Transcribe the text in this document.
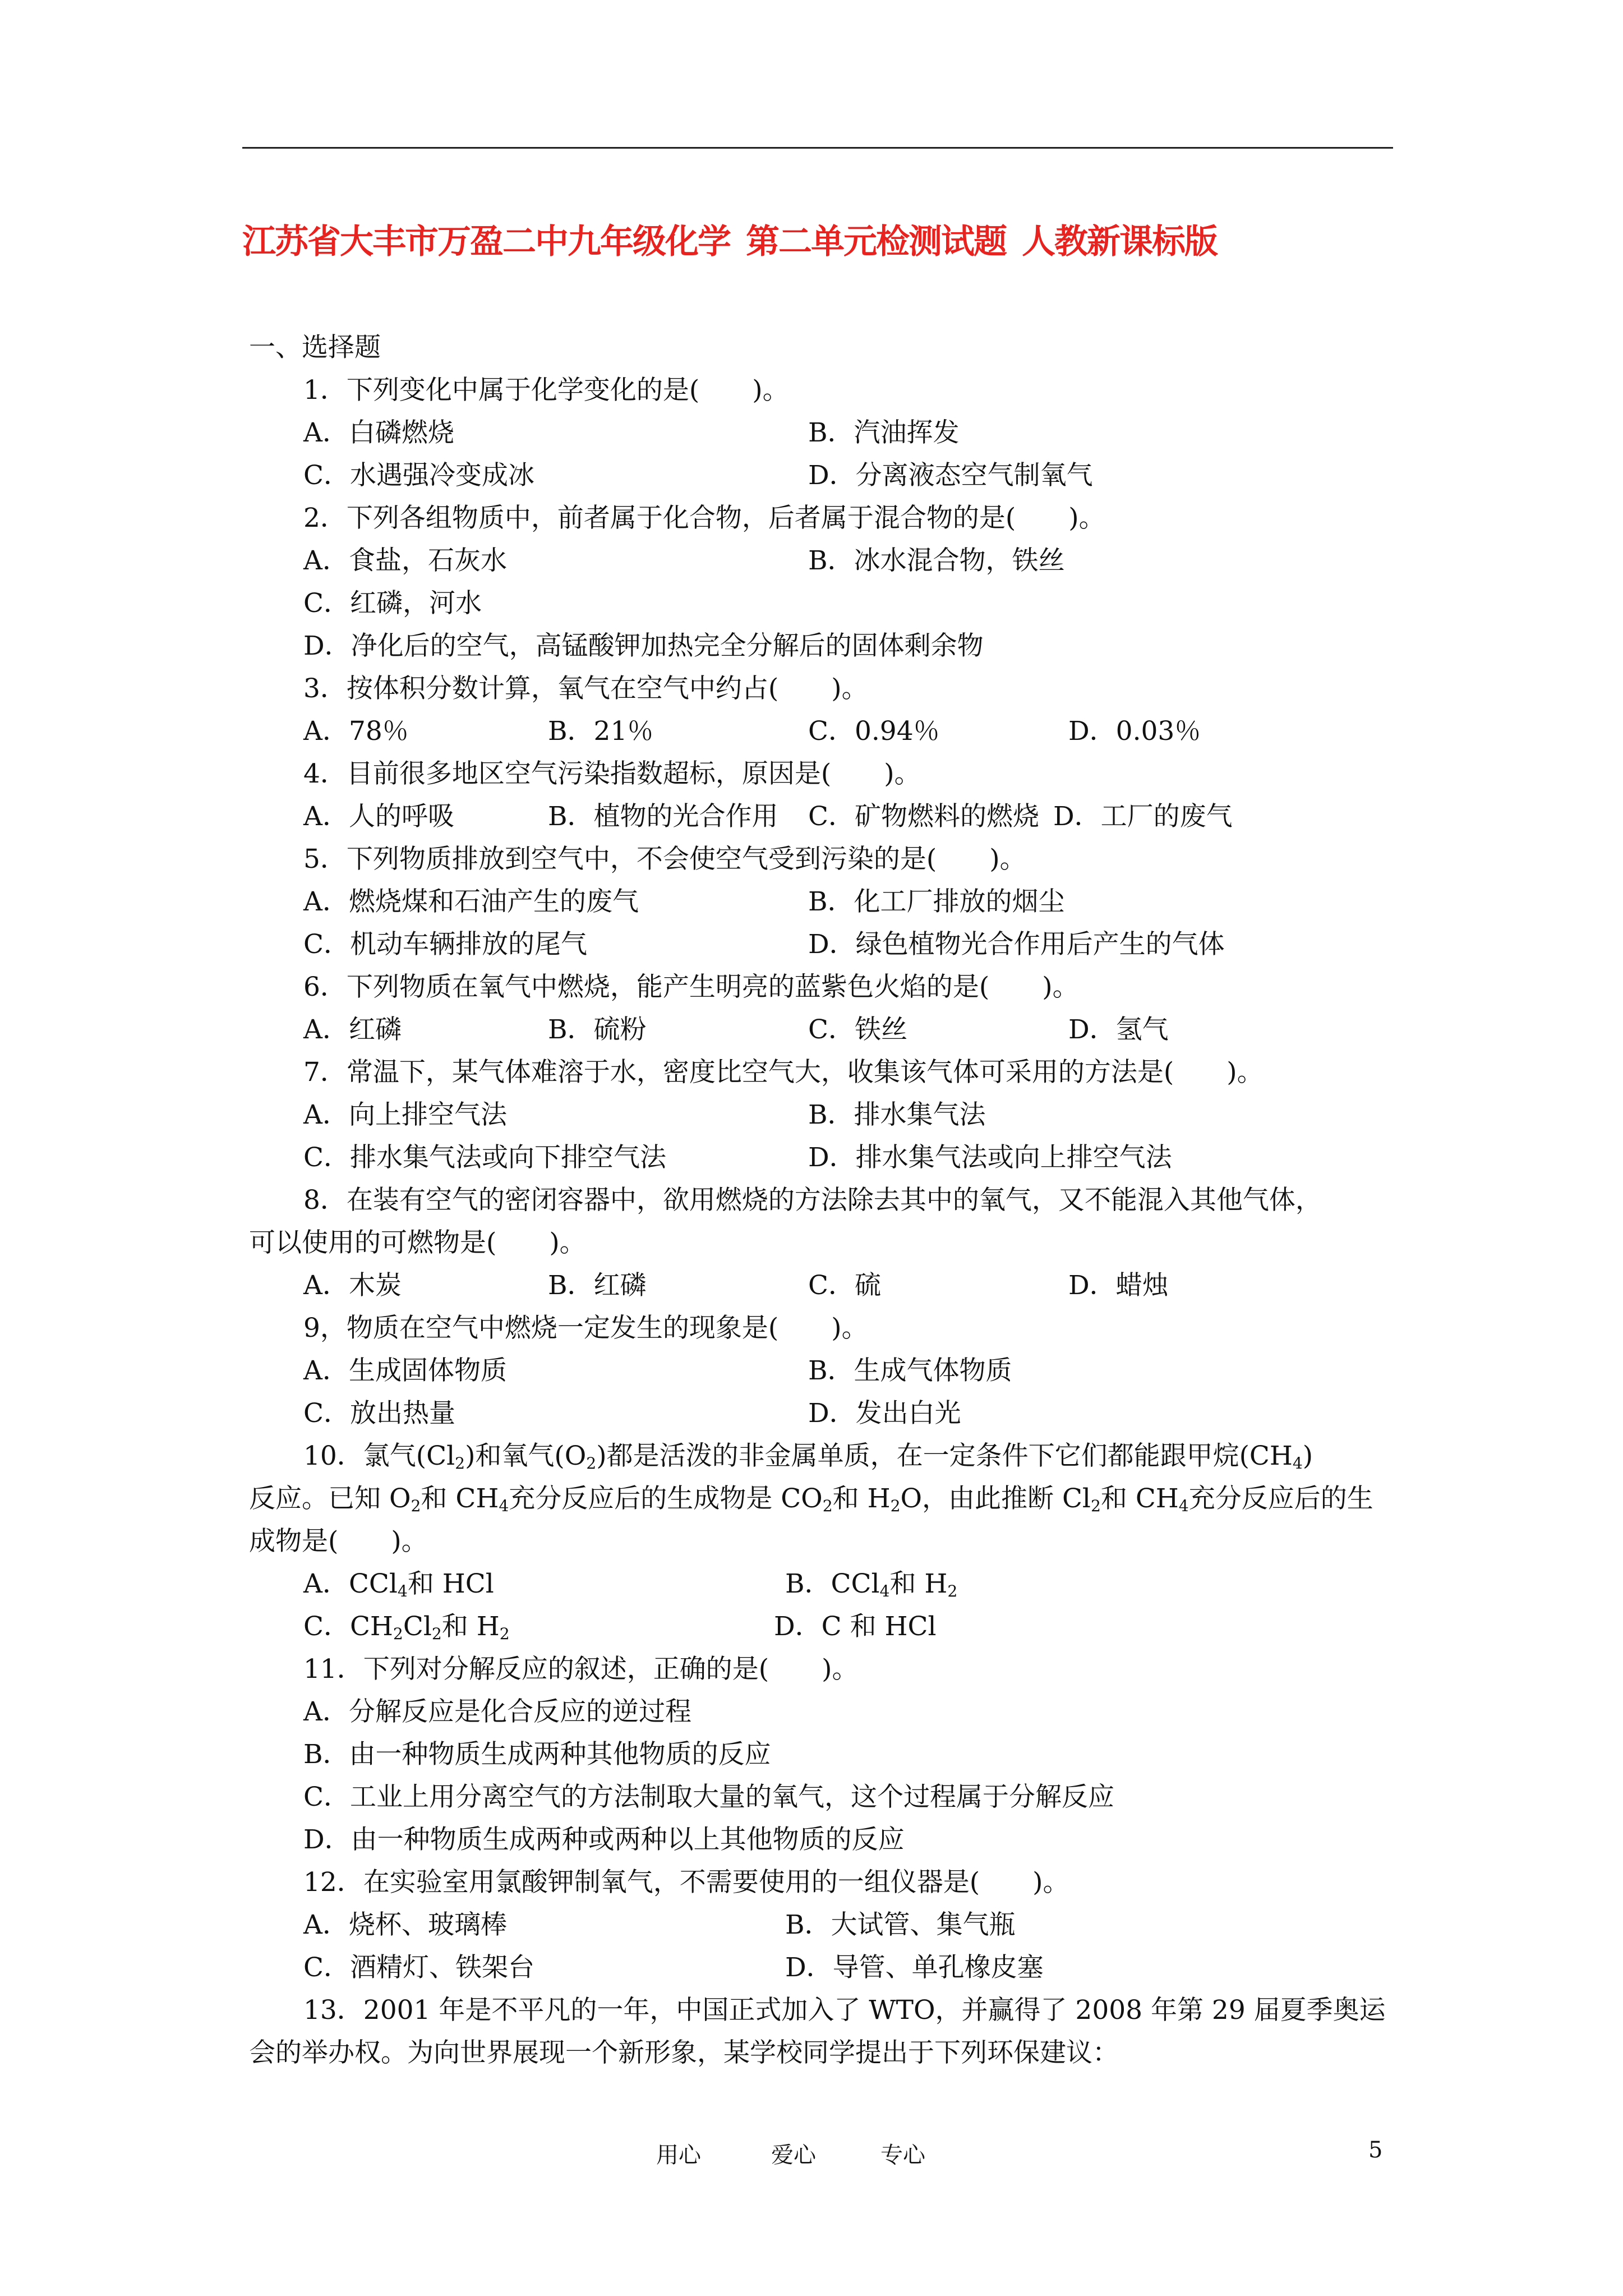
江苏省大丰市万盈二中九年级化学 第二单元检测试题 人教新课标版
一、选择题
1．下列变化中属于化学变化的是(　　)。
A．白磷燃烧	B．汽油挥发
C．水遇强冷变成冰	D．分离液态空气制氧气
2．下列各组物质中，前者属于化合物，后者属于混合物的是(　　)。
A．食盐，石灰水	B．冰水混合物，铁丝
C．红磷，河水
D．净化后的空气，高锰酸钾加热完全分解后的固体剩余物
3．按体积分数计算，氧气在空气中约占(　　)。
A．78％	B．21％	C．0.94％	D．0.03％
4．目前很多地区空气污染指数超标，原因是(　　)。
A．人的呼吸	B．植物的光合作用 C．矿物燃料的燃烧 D．工厂的废气
5．下列物质排放到空气中，不会使空气受到污染的是(　　)。
A．燃烧煤和石油产生的废气	B．化工厂排放的烟尘
C．机动车辆排放的尾气	D．绿色植物光合作用后产生的气体
6．下列物质在氧气中燃烧，能产生明亮的蓝紫色火焰的是(　　)。
A．红磷	B．硫粉	C．铁丝	D．氢气
7．常温下，某气体难溶于水，密度比空气大，收集该气体可采用的方法是(　　)。
A．向上排空气法	B．排水集气法
C．排水集气法或向下排空气法	D．排水集气法或向上排空气法
8．在装有空气的密闭容器中，欲用燃烧的方法除去其中的氧气，又不能混入其他气体，
可以使用的可燃物是(　　)。
A．木炭	B．红磷	C．硫	D．蜡烛
9，物质在空气中燃烧一定发生的现象是(　　)。
A．生成固体物质	B．生成气体物质
C．放出热量	D．发出白光
10．氯气$(Cl_2)$和氧气$(O_2)$都是活泼的非金属单质，在一定条件下它们都能跟甲烷$(CH_4)$
反应。已知 $O_2$和 $CH_4$充分反应后的生成物是 $CO_2$和 $H_2O$，由此推断 $Cl_2$和 $CH_4$充分反应后的生
成物是(　　)。
A．CCl$_4$和 HCl	B．CCl$_4$和 $H_2$
C．$CH_2Cl_2$和 $H_2$	D．C 和 HCl
11．下列对分解反应的叙述，正确的是(　　)。
A．分解反应是化合反应的逆过程
B．由一种物质生成两种其他物质的反应
C．工业上用分离空气的方法制取大量的氧气，这个过程属于分解反应
D．由一种物质生成两种或两种以上其他物质的反应
12．在实验室用氯酸钾制氧气，不需要使用的一组仪器是(　　)。
A．烧杯、玻璃棒	B．大试管、集气瓶
C．酒精灯、铁架台	D．导管、单孔橡皮塞
13．2001 年是不平凡的一年，中国正式加入了 WTO，并赢得了 2008 年第 29 届夏季奥运
会的举办权。为向世界展现一个新形象，某学校同学提出于下列环保建议：
用心	爱心	专心	5
